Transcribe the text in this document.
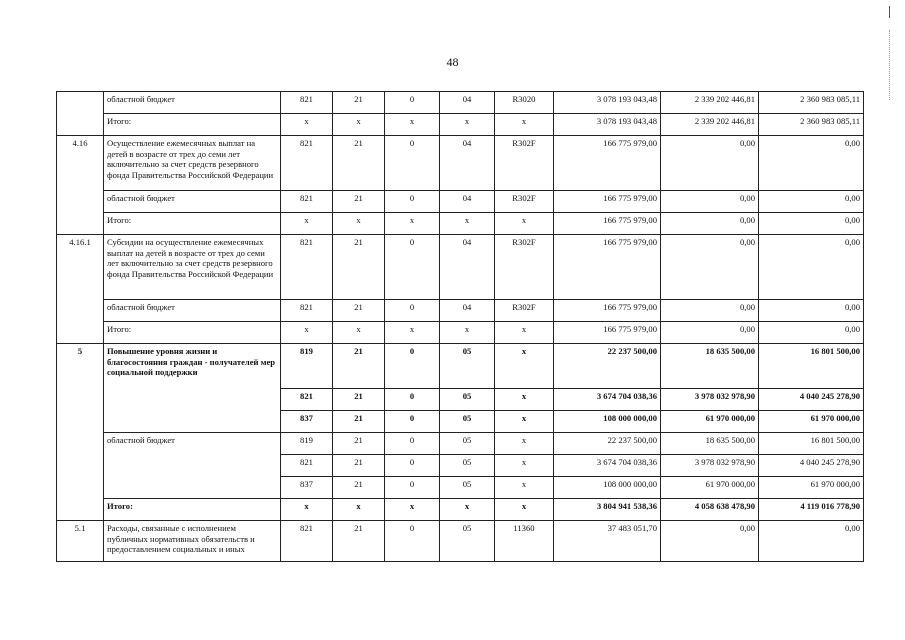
48
	областной бюджет	821	21	0	04	R3020	3 078 193 043,48	2 339 202 446,81	2 360 983 085,11
	Итого:	х	х	х	х	х	3 078 193 043,48	2 339 202 446,81	2 360 983 085,11
4.16	Осуществление ежемесячных выплат на детей в возрасте от трех до семи лет включительно за счет средств резервного фонда Правительства Российской Федерации	821	21	0	04	R302F	166 775 979,00	0,00	0,00
	областной бюджет	821	21	0	04	R302F	166 775 979,00	0,00	0,00
	Итого:	х	х	х	х	х	166 775 979,00	0,00	0,00
4.16.1	Субсидии на осуществление ежемесячных выплат на детей в возрасте от трех до семи лет включительно за счет средств резервного фонда Правительства Российской Федерации	821	21	0	04	R302F	166 775 979,00	0,00	0,00
	областной бюджет	821	21	0	04	R302F	166 775 979,00	0,00	0,00
	Итого:	х	х	х	х	х	166 775 979,00	0,00	0,00
5	Повышение уровня жизни и благосостояния граждан - получателей мер социальной поддержки	819	21	0	05	х	22 237 500,00	18 635 500,00	16 801 500,00
		821	21	0	05	х	3 674 704 038,36	3 978 032 978,90	4 040 245 278,90
		837	21	0	05	х	108 000 000,00	61 970 000,00	61 970 000,00
	областной бюджет	819	21	0	05	х	22 237 500,00	18 635 500,00	16 801 500,00
		821	21	0	05	х	3 674 704 038,36	3 978 032 978,90	4 040 245 278,90
		837	21	0	05	х	108 000 000,00	61 970 000,00	61 970 000,00
	Итого:	х	х	х	х	х	3 804 941 538,36	4 058 638 478,90	4 119 016 778,90
5.1	Расходы, связанные с исполнением публичных нормативных обязательств и предоставлением социальных и иных	821	21	0	05	11360	37 483 051,70	0,00	0,00
